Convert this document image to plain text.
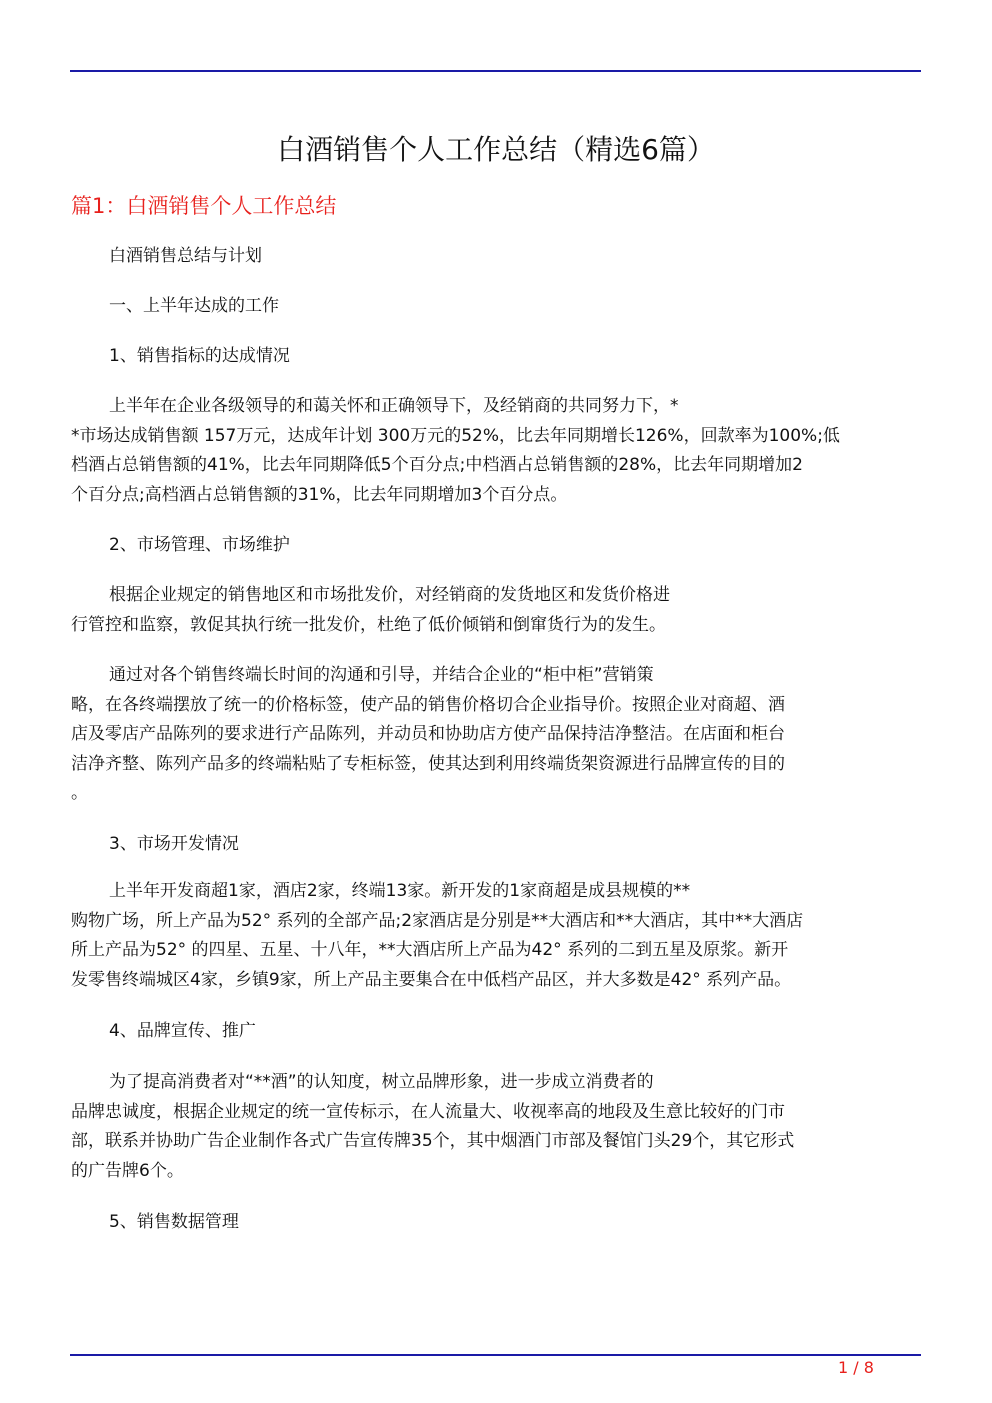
白酒销售个人工作总结（精选6篇）
篇1：白酒销售个人工作总结
白酒销售总结与计划
一、上半年达成的工作
1、销售指标的达成情况
上半年在企业各级领导的和蔼关怀和正确领导下，及经销商的共同努力下，*
*市场达成销售额 157万元，达成年计划 300万元的52%，比去年同期增长126%，回款率为100%;低
档酒占总销售额的41%，比去年同期降低5个百分点;中档酒占总销售额的28%，比去年同期增加2
个百分点;高档酒占总销售额的31%，比去年同期增加3个百分点。
2、市场管理、市场维护
根据企业规定的销售地区和市场批发价，对经销商的发货地区和发货价格进
行管控和监察，敦促其执行统一批发价，杜绝了低价倾销和倒窜货行为的发生。
通过对各个销售终端长时间的沟通和引导，并结合企业的“柜中柜”营销策
略，在各终端摆放了统一的价格标签，使产品的销售价格切合企业指导价。按照企业对商超、酒
店及零店产品陈列的要求进行产品陈列，并动员和协助店方使产品保持洁净整洁。在店面和柜台
洁净齐整、陈列产品多的终端粘贴了专柜标签，使其达到利用终端货架资源进行品牌宣传的目的
。
3、市场开发情况
上半年开发商超1家，酒店2家，终端13家。新开发的1家商超是成县规模的**
购物广场，所上产品为52° 系列的全部产品;2家酒店是分别是**大酒店和**大酒店，其中**大酒店
所上产品为52° 的四星、五星、十八年，**大酒店所上产品为42° 系列的二到五星及原浆。新开
发零售终端城区4家，乡镇9家，所上产品主要集合在中低档产品区，并大多数是42° 系列产品。
4、品牌宣传、推广
为了提高消费者对“**酒”的认知度，树立品牌形象，进一步成立消费者的
品牌忠诚度，根据企业规定的统一宣传标示，在人流量大、收视率高的地段及生意比较好的门市
部，联系并协助广告企业制作各式广告宣传牌35个，其中烟酒门市部及餐馆门头29个，其它形式
的广告牌6个。
5、销售数据管理
1 / 8
